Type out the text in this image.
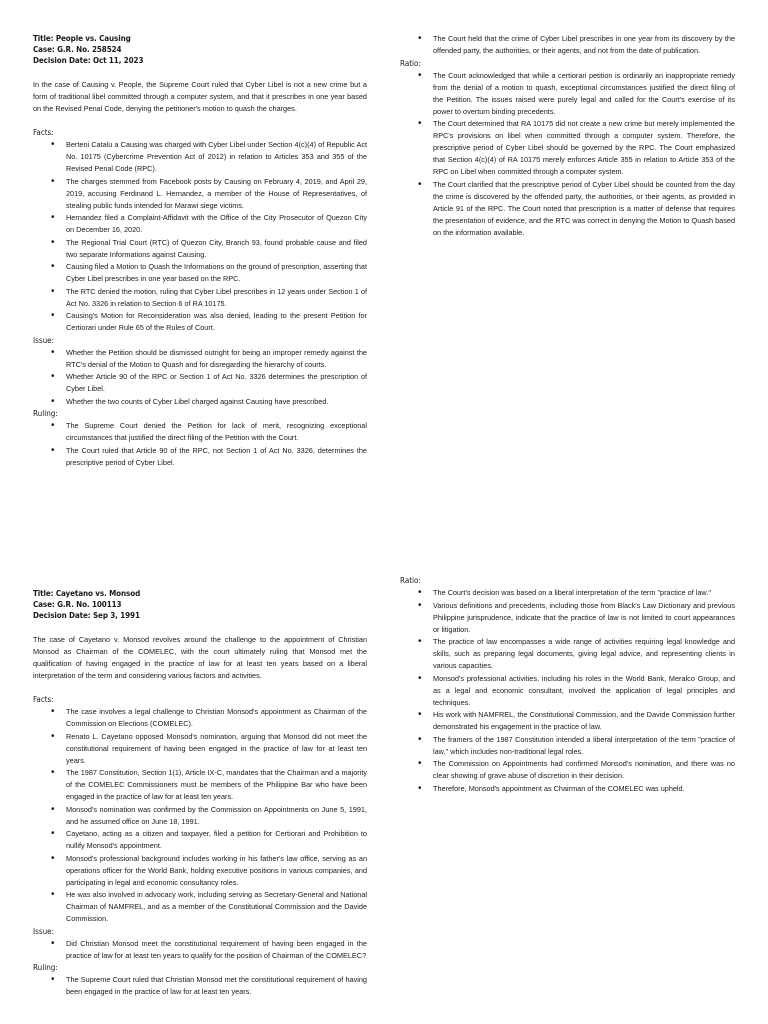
Title: People vs. Causing

Case: G.R. No. 258524

Decision Date: Oct 11, 2023

In the case of Causing v. People, the Supreme Court ruled that Cyber Libel is not a new crime but a form of traditional libel committed through a computer system, and that it prescribes in one year based on the Revised Penal Code, denying the petitioner's motion to quash the charges.

Facts:

• Berteni Catalu a Causing was charged with Cyber Libel under Section 4(c)(4) of Republic Act No. 10175 (Cybercrime Prevention Act of 2012) in relation to Articles 353 and 355 of the Revised Penal Code (RPC).
• The charges stemmed from Facebook posts by Causing on February 4, 2019, and April 29, 2019, accusing Ferdinand L. Hernandez, a member of the House of Representatives, of stealing public funds intended for Marawi siege victims.
• Hernandez filed a Complaint-Affidavit with the Office of the City Prosecutor of Quezon City on December 16, 2020.
• The Regional Trial Court (RTC) of Quezon City, Branch 93, found probable cause and filed two separate Informations against Causing.
• Causing filed a Motion to Quash the Informations on the ground of prescription, asserting that Cyber Libel prescribes in one year based on the RPC.
• The RTC denied the motion, ruling that Cyber Libel prescribes in 12 years under Section 1 of Act No. 3326 in relation to Section 6 of RA 10175.
• Causing's Motion for Reconsideration was also denied, leading to the present Petition for Certiorari under Rule 65 of the Rules of Court.

Issue:

• Whether the Petition should be dismissed outright for being an improper remedy against the RTC's denial of the Motion to Quash and for disregarding the hierarchy of courts.
• Whether Article 90 of the RPC or Section 1 of Act No. 3326 determines the prescription of Cyber Libel.
• Whether the two counts of Cyber Libel charged against Causing have prescribed.

Ruling:

• The Supreme Court denied the Petition for lack of merit, recognizing exceptional circumstances that justified the direct filing of the Petition with the Court.
• The Court ruled that Article 90 of the RPC, not Section 1 of Act No. 3326, determines the prescriptive period of Cyber Libel.
• The Court held that the crime of Cyber Libel prescribes in one year from its discovery by the offended party, the authorities, or their agents, and not from the date of publication.

Ratio:

• The Court acknowledged that while a certiorari petition is ordinarily an inappropriate remedy from the denial of a motion to quash, exceptional circumstances justified the direct filing of the Petition. The issues raised were purely legal and called for the Court's exercise of its power to overturn binding precedents.
• The Court determined that RA 10175 did not create a new crime but merely implemented the RPC's provisions on libel when committed through a computer system. Therefore, the prescriptive period of Cyber Libel should be governed by the RPC. The Court emphasized that Section 4(c)(4) of RA 10175 merely enforces Article 355 in relation to Article 353 of the RPC on Libel when committed through a computer system.
• The Court clarified that the prescriptive period of Cyber Libel should be counted from the day the crime is discovered by the offended party, the authorities, or their agents, as provided in Article 91 of the RPC. The Court noted that prescription is a matter of defense that requires the presentation of evidence, and the RTC was correct in denying the Motion to Quash based on the information available.

Title: Cayetano vs. Monsod

Case: G.R. No. 100113

Decision Date: Sep 3, 1991

The case of Cayetano v. Monsod revolves around the challenge to the appointment of Christian Monsod as Chairman of the COMELEC, with the court ultimately ruling that Monsod met the qualification of having engaged in the practice of law for at least ten years based on a liberal interpretation of the term and considering various factors and activities.

Facts:

• The case involves a legal challenge to Christian Monsod's appointment as Chairman of the Commission on Elections (COMELEC).
• Renato L. Cayetano opposed Monsod's nomination, arguing that Monsod did not meet the constitutional requirement of having been engaged in the practice of law for at least ten years.
• The 1987 Constitution, Section 1(1), Article IX-C, mandates that the Chairman and a majority of the COMELEC Commissioners must be members of the Philippine Bar who have been engaged in the practice of law for at least ten years.
• Monsod's nomination was confirmed by the Commission on Appointments on June 5, 1991, and he assumed office on June 18, 1991.
• Cayetano, acting as a citizen and taxpayer, filed a petition for Certiorari and Prohibition to nullify Monsod's appointment.
• Monsod's professional background includes working in his father's law office, serving as an operations officer for the World Bank, holding executive positions in various companies, and participating in legal and economic consultancy roles.
• He was also involved in advocacy work, including serving as Secretary-General and National Chairman of NAMFREL, and as a member of the Constitutional Commission and the Davide Commission.

Issue:

• Did Christian Monsod meet the constitutional requirement of having been engaged in the practice of law for at least ten years to qualify for the position of Chairman of the COMELEC?

Ruling:

• The Supreme Court ruled that Christian Monsod met the constitutional requirement of having been engaged in the practice of law for at least ten years.

Ratio:

• The Court's decision was based on a liberal interpretation of the term "practice of law."
• Various definitions and precedents, including those from Black's Law Dictionary and previous Philippine jurisprudence, indicate that the practice of law is not limited to court appearances or litigation.
• The practice of law encompasses a wide range of activities requiring legal knowledge and skills, such as preparing legal documents, giving legal advice, and representing clients in various capacities.
• Monsod's professional activities, including his roles in the World Bank, Meralco Group, and as a legal and economic consultant, involved the application of legal principles and techniques.
• His work with NAMFREL, the Constitutional Commission, and the Davide Commission further demonstrated his engagement in the practice of law.
• The framers of the 1987 Constitution intended a liberal interpretation of the term "practice of law," which includes non-traditional legal roles.
• The Commission on Appointments had confirmed Monsod's nomination, and there was no clear showing of grave abuse of discretion in their decision.
• Therefore, Monsod's appointment as Chairman of the COMELEC was upheld.
